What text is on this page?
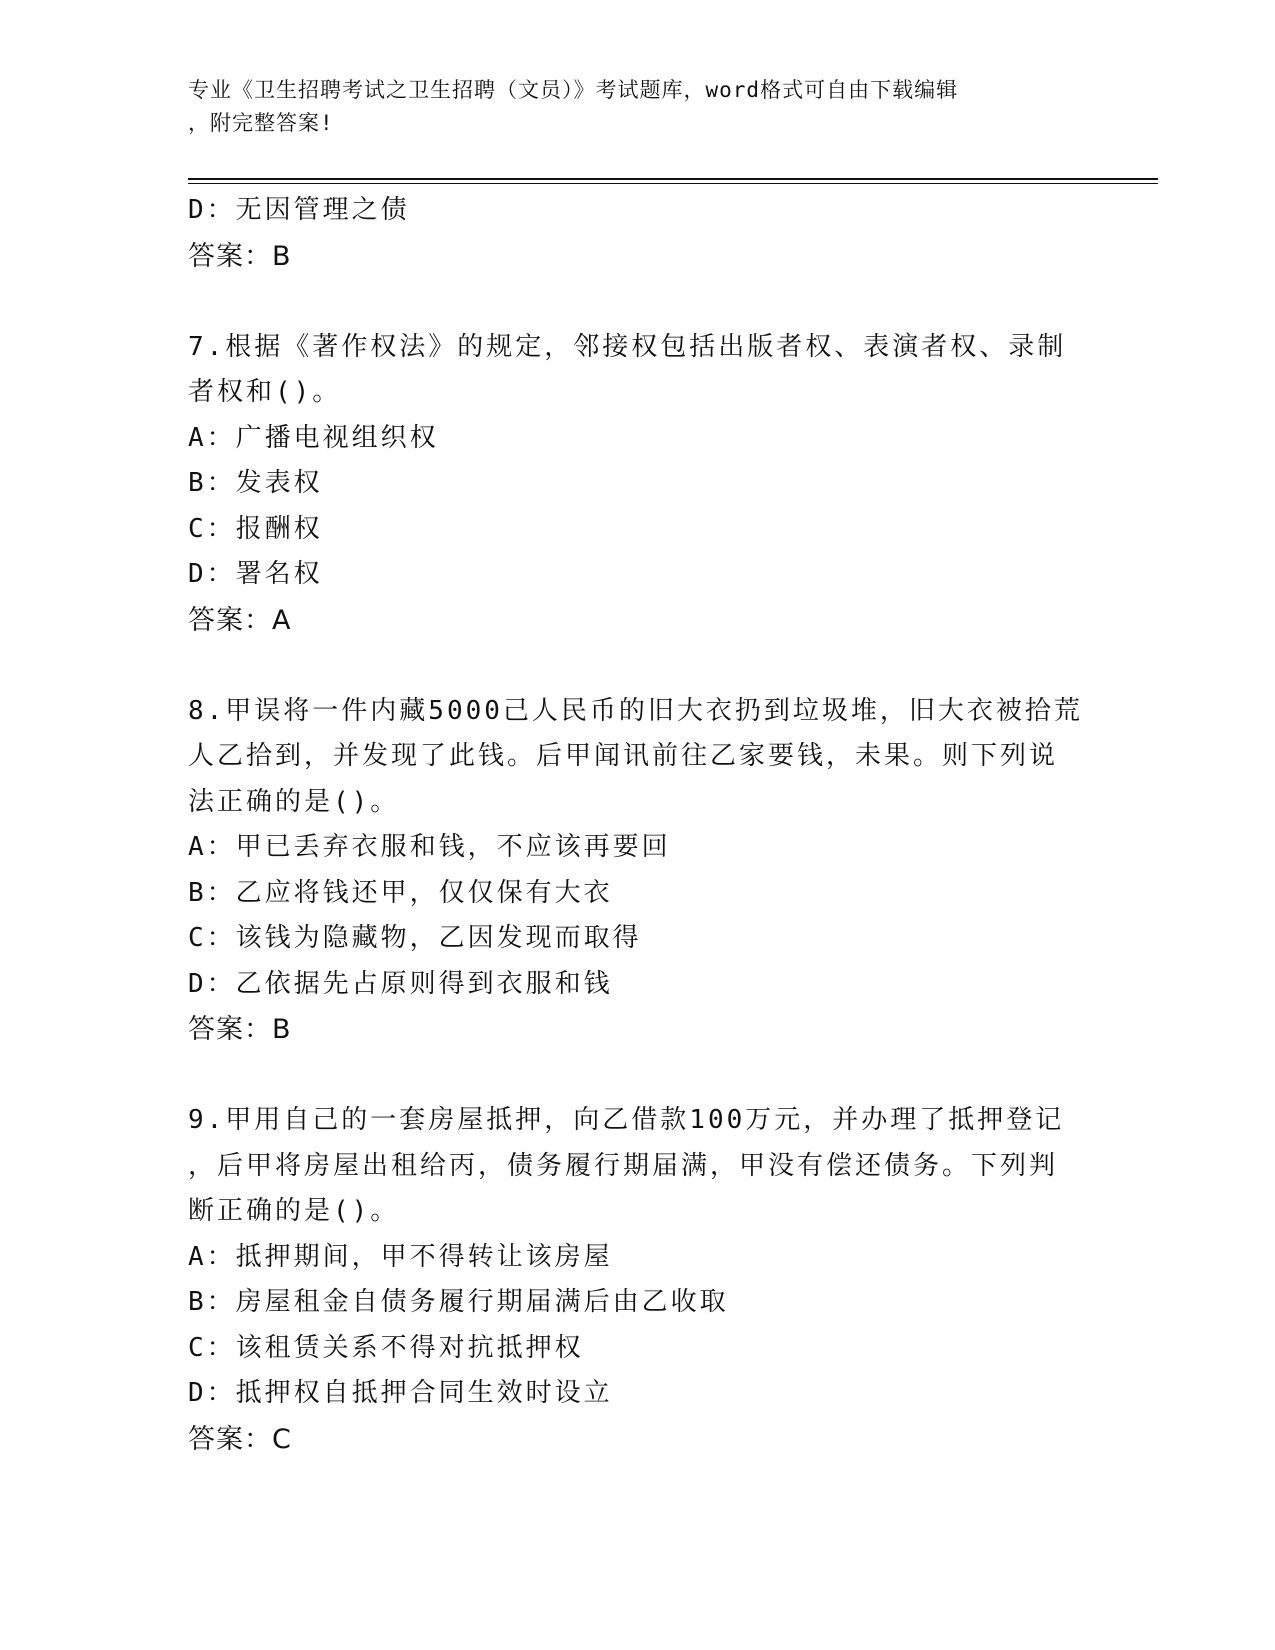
专业《卫生招聘考试之卫生招聘（文员）》考试题库，word格式可自由下载编辑
，附完整答案!
D：无因管理之债
答案：B
7.根据《著作权法》的规定，邻接权包括出版者权、表演者权、录制
者权和()。
A：广播电视组织权
B：发表权
C：报酬权
D：署名权
答案：A
8.甲误将一件内藏5000己人民币的旧大衣扔到垃圾堆，旧大衣被拾荒
人乙拾到，并发现了此钱。后甲闻讯前往乙家要钱，未果。则下列说
法正确的是()。
A：甲已丢弃衣服和钱，不应该再要回
B：乙应将钱还甲，仅仅保有大衣
C：该钱为隐藏物，乙因发现而取得
D：乙依据先占原则得到衣服和钱
答案：B
9.甲用自己的一套房屋抵押，向乙借款100万元，并办理了抵押登记
，后甲将房屋出租给丙，债务履行期届满，甲没有偿还债务。下列判
断正确的是()。
A：抵押期间，甲不得转让该房屋
B：房屋租金自债务履行期届满后由乙收取
C：该租赁关系不得对抗抵押权
D：抵押权自抵押合同生效时设立
答案：C
